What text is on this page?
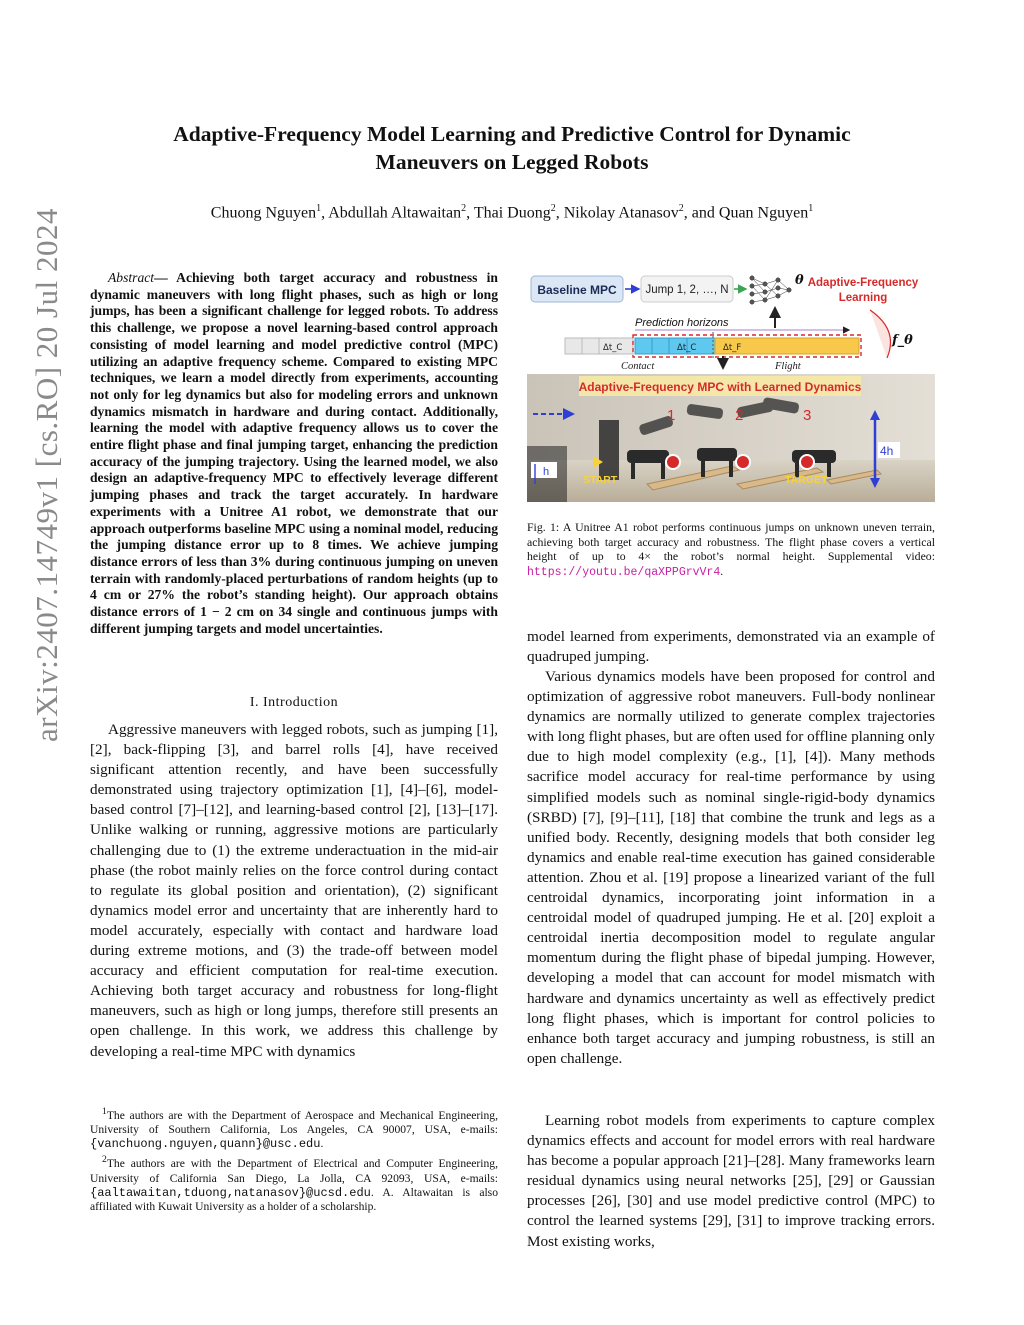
arXiv:2407.14749v1 [cs.RO] 20 Jul 2024
Adaptive-Frequency Model Learning and Predictive Control for Dynamic Maneuvers on Legged Robots
Chuong Nguyen$^1$, Abdullah Altawaitan$^2$, Thai Duong$^2$, Nikolay Atanasov$^2$, and Quan Nguyen$^1$
Abstract— Achieving both target accuracy and robustness in dynamic maneuvers with long flight phases, such as high or long jumps, has been a significant challenge for legged robots. To address this challenge, we propose a novel learning-based control approach consisting of model learning and model predictive control (MPC) utilizing an adaptive frequency scheme. Compared to existing MPC techniques, we learn a model directly from experiments, accounting not only for leg dynamics but also for modeling errors and unknown dynamics mismatch in hardware and during contact. Additionally, learning the model with adaptive frequency allows us to cover the entire flight phase and final jumping target, enhancing the prediction accuracy of the jumping trajectory. Using the learned model, we also design an adaptive-frequency MPC to effectively leverage different jumping phases and track the target accurately. In hardware experiments with a Unitree A1 robot, we demonstrate that our approach outperforms baseline MPC using a nominal model, reducing the jumping distance error up to 8 times. We achieve jumping distance errors of less than 3% during continuous jumping on uneven terrain with randomly-placed perturbations of random heights (up to 4 cm or 27% the robot’s standing height). Our approach obtains distance errors of 1 − 2 cm on 34 single and continuous jumps with different jumping targets and model uncertainties.
I. Introduction
Aggressive maneuvers with legged robots, such as jumping [1], [2], back-flipping [3], and barrel rolls [4], have received significant attention recently, and have been successfully demonstrated using trajectory optimization [1], [4]–[6], model-based control [7]–[12], and learning-based control [2], [13]–[17]. Unlike walking or running, aggressive motions are particularly challenging due to (1) the extreme underactuation in the mid-air phase (the robot mainly relies on the force control during contact to regulate its global position and orientation), (2) significant dynamics model error and uncertainty that are inherently hard to model accurately, especially with contact and hardware load during extreme motions, and (3) the trade-off between model accuracy and efficient computation for real-time execution. Achieving both target accuracy and robustness for long-flight maneuvers, such as high or long jumps, therefore still presents an open challenge. In this work, we address this challenge by developing a real-time MPC with dynamics

$^1$The authors are with the Department of Aerospace and Mechanical Engineering, University of Southern California, Los Angeles, CA 90007, USA, e-mails: {vanchuong.nguyen,quann}@usc.edu.

$^2$The authors are with the Department of Electrical and Computer Engineering, University of California San Diego, La Jolla, CA 92093, USA, e-mails: {aaltawaitan,tduong,natanasov}@ucsd.edu. A. Altawaitan is also affiliated with Kuwait University as a holder of a scholarship.

Baseline MPC	Jump 1, 2, …, N
θ Adaptive-Frequency
Learning
f_θ
Prediction horizons
Δt_C	Δt_C	Δt_F
Contact	Flight
Adaptive-Frequency MPC with Learned Dynamics
1	2	3
h
4h
START	TARGET
Fig. 1: A Unitree A1 robot performs continuous jumps on unknown uneven terrain, achieving both target accuracy and robustness. The flight phase covers a vertical height of up to 4× the robot’s normal height. Supplemental video: https://youtu.be/qaXPPGrvVr4.
model learned from experiments, demonstrated via an example of quadruped jumping.
Various dynamics models have been proposed for control and optimization of aggressive robot maneuvers. Full-body nonlinear dynamics are normally utilized to generate complex trajectories with long flight phases, but are often used for offline planning only due to high model complexity (e.g., [1], [4]). Many methods sacrifice model accuracy for real-time performance by using simplified models such as nominal single-rigid-body dynamics (SRBD) [7], [9]–[11], [18] that combine the trunk and legs as a unified body. Recently, designing models that both consider leg dynamics and enable real-time execution has gained considerable attention. Zhou et al. [19] propose a linearized variant of the full centroidal dynamics, incorporating joint information in a centroidal model of quadruped jumping. He et al. [20] exploit a centroidal inertia decomposition model to regulate angular momentum during the flight phase of bipedal jumping. However, developing a model that can account for model mismatch with hardware and dynamics uncertainty as well as effectively predict long flight phases, which is important for control policies to enhance both target accuracy and jumping robustness, is still an open challenge.
Learning robot models from experiments to capture complex dynamics effects and account for model errors with real hardware has become a popular approach [21]–[28]. Many frameworks learn residual dynamics using neural networks [25], [29] or Gaussian processes [26], [30] and use model predictive control (MPC) to control the learned systems [29], [31] to improve tracking errors. Most existing works,
